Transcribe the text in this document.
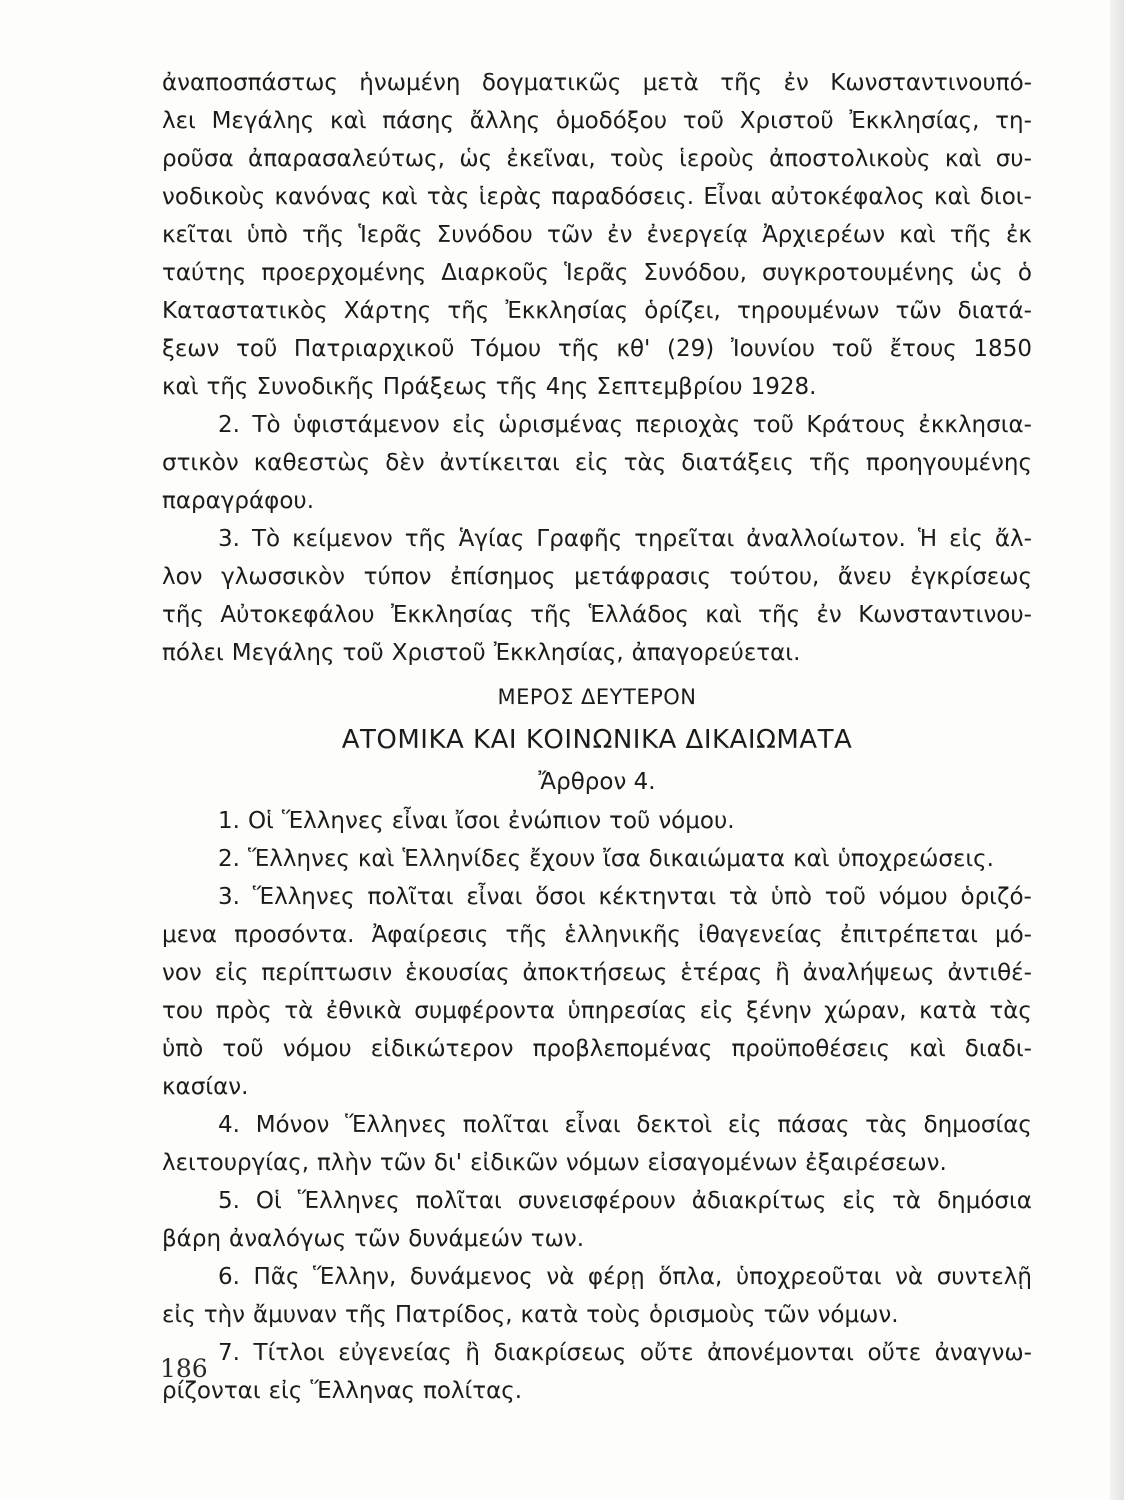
ἀναποσπάστως ἡνωμένη δογματικῶς μετὰ τῆς ἐν Κωνσταντινουπό-
λει Μεγάλης καὶ πάσης ἄλλης ὁμοδόξου τοῦ Χριστοῦ Ἐκκλησίας, τη-
ροῦσα ἀπαρασαλεύτως, ὡς ἐκεῖναι, τοὺς ἱεροὺς ἀποστολικοὺς καὶ συ-
νοδικοὺς κανόνας καὶ τὰς ἱερὰς παραδόσεις. Εἶναι αὐτοκέφαλος καὶ διοι-
κεῖται ὑπὸ τῆς Ἱερᾶς Συνόδου τῶν ἐν ἐνεργείᾳ Ἀρχιερέων καὶ τῆς ἐκ
ταύτης προερχομένης Διαρκοῦς Ἱερᾶς Συνόδου, συγκροτουμένης ὡς ὁ
Καταστατικὸς Χάρτης τῆς Ἐκκλησίας ὁρίζει, τηρουμένων τῶν διατά-
ξεων τοῦ Πατριαρχικοῦ Τόμου τῆς κθ' (29) Ἰουνίου τοῦ ἔτους 1850
καὶ τῆς Συνοδικῆς Πράξεως τῆς 4ης Σεπτεμβρίου 1928.
2. Τὸ ὑφιστάμενον εἰς ὡρισμένας περιοχὰς τοῦ Κράτους ἐκκλησια-
στικὸν καθεστὼς δὲν ἀντίκειται εἰς τὰς διατάξεις τῆς προηγουμένης
παραγράφου.
3. Τὸ κείμενον τῆς Ἁγίας Γραφῆς τηρεῖται ἀναλλοίωτον. Ἡ εἰς ἄλ-
λον γλωσσικὸν τύπον ἐπίσημος μετάφρασις τούτου, ἄνευ ἐγκρίσεως
τῆς Αὐτοκεφάλου Ἐκκλησίας τῆς Ἑλλάδος καὶ τῆς ἐν Κωνσταντινου-
πόλει Μεγάλης τοῦ Χριστοῦ Ἐκκλησίας, ἀπαγορεύεται.
ΜΕΡΟΣ ΔΕΥΤΕΡΟΝ
ΑΤΟΜΙΚΑ ΚΑΙ ΚΟΙΝΩΝΙΚΑ ΔΙΚΑΙΩΜΑΤΑ
Ἄρθρον 4.
1. Οἱ Ἕλληνες εἶναι ἴσοι ἐνώπιον τοῦ νόμου.
2. Ἕλληνες καὶ Ἑλληνίδες ἔχουν ἴσα δικαιώματα καὶ ὑποχρεώσεις.
3. Ἕλληνες πολῖται εἶναι ὅσοι κέκτηνται τὰ ὑπὸ τοῦ νόμου ὁριζό-
μενα προσόντα. Ἀφαίρεσις τῆς ἑλληνικῆς ἰθαγενείας ἐπιτρέπεται μό-
νον εἰς περίπτωσιν ἑκουσίας ἀποκτήσεως ἑτέρας ἢ ἀναλήψεως ἀντιθέ-
του πρὸς τὰ ἐθνικὰ συμφέροντα ὑπηρεσίας εἰς ξένην χώραν, κατὰ τὰς
ὑπὸ τοῦ νόμου εἰδικώτερον προβλεπομένας προϋποθέσεις καὶ διαδι-
κασίαν.
4. Μόνον Ἕλληνες πολῖται εἶναι δεκτοὶ εἰς πάσας τὰς δημοσίας
λειτουργίας, πλὴν τῶν δι' εἰδικῶν νόμων εἰσαγομένων ἐξαιρέσεων.
5. Οἱ Ἕλληνες πολῖται συνεισφέρουν ἀδιακρίτως εἰς τὰ δημόσια
βάρη ἀναλόγως τῶν δυνάμεών των.
6. Πᾶς Ἕλλην, δυνάμενος νὰ φέρῃ ὅπλα, ὑποχρεοῦται νὰ συντελῇ
εἰς τὴν ἄμυναν τῆς Πατρίδος, κατὰ τοὺς ὁρισμοὺς τῶν νόμων.
7. Τίτλοι εὐγενείας ἢ διακρίσεως οὔτε ἀπονέμονται οὔτε ἀναγνω-
ρίζονται εἰς Ἕλληνας πολίτας.
186
